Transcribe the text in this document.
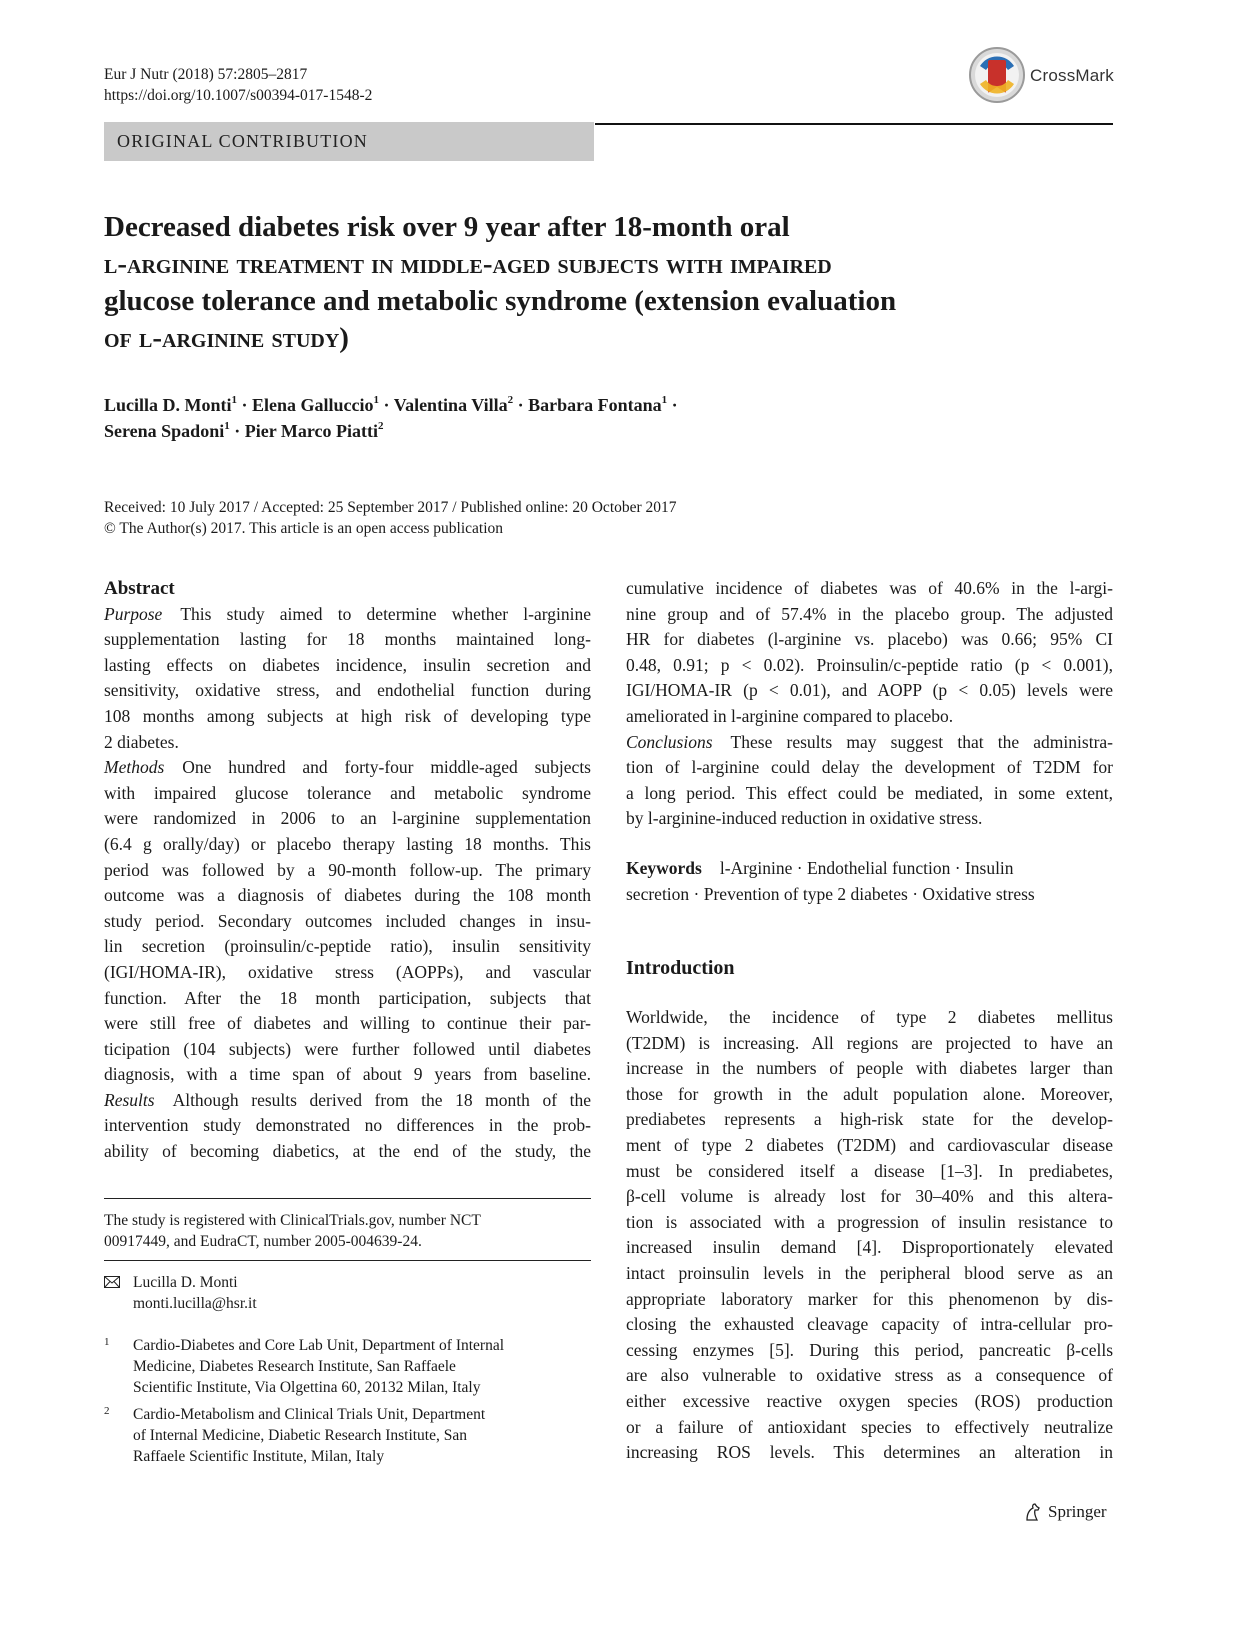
Eur J Nutr (2018) 57:2805–2817
https://doi.org/10.1007/s00394-017-1548-2
CrossMark
ORIGINAL CONTRIBUTION
Decreased diabetes risk over 9 year after 18-month oral
l-arginine treatment in middle-aged subjects with impaired
glucose tolerance and metabolic syndrome (extension evaluation
of l-arginine study)
Lucilla D. Monti$^1$ · Elena Galluccio$^1$ · Valentina Villa$^2$ · Barbara Fontana$^1$ ·
Serena Spadoni$^1$ · Pier Marco Piatti$^2$
Received: 10 July 2017 / Accepted: 25 September 2017 / Published online: 20 October 2017
© The Author(s) 2017. This article is an open access publication
Abstract
Purpose This study aimed to determine whether l-arginine
supplementation lasting for 18 months maintained long-
lasting effects on diabetes incidence, insulin secretion and
sensitivity, oxidative stress, and endothelial function during
108 months among subjects at high risk of developing type
2 diabetes.
Methods One hundred and forty-four middle-aged subjects
with impaired glucose tolerance and metabolic syndrome
were randomized in 2006 to an l-arginine supplementation
(6.4 g orally/day) or placebo therapy lasting 18 months. This
period was followed by a 90-month follow-up. The primary
outcome was a diagnosis of diabetes during the 108 month
study period. Secondary outcomes included changes in insu-
lin secretion (proinsulin/c-peptide ratio), insulin sensitivity
(IGI/HOMA-IR), oxidative stress (AOPPs), and vascular
function. After the 18 month participation, subjects that
were still free of diabetes and willing to continue their par-
ticipation (104 subjects) were further followed until diabetes
diagnosis, with a time span of about 9 years from baseline.
Results Although results derived from the 18 month of the
intervention study demonstrated no differences in the prob-
ability of becoming diabetics, at the end of the study, the
cumulative incidence of diabetes was of 40.6% in the l-argi-
nine group and of 57.4% in the placebo group. The adjusted
HR for diabetes (l-arginine vs. placebo) was 0.66; 95% CI
0.48, 0.91; p < 0.02). Proinsulin/c-peptide ratio (p < 0.001),
IGI/HOMA-IR (p < 0.01), and AOPP (p < 0.05) levels were
ameliorated in l-arginine compared to placebo.
Conclusions These results may suggest that the administra-
tion of l-arginine could delay the development of T2DM for
a long period. This effect could be mediated, in some extent,
by l-arginine-induced reduction in oxidative stress.
Keywords l-Arginine · Endothelial function · Insulin
secretion · Prevention of type 2 diabetes · Oxidative stress
Introduction
Worldwide, the incidence of type 2 diabetes mellitus
(T2DM) is increasing. All regions are projected to have an
increase in the numbers of people with diabetes larger than
those for growth in the adult population alone. Moreover,
prediabetes represents a high-risk state for the develop-
ment of type 2 diabetes (T2DM) and cardiovascular disease
must be considered itself a disease [1–3]. In prediabetes,
β-cell volume is already lost for 30–40% and this altera-
tion is associated with a progression of insulin resistance to
increased insulin demand [4]. Disproportionately elevated
intact proinsulin levels in the peripheral blood serve as an
appropriate laboratory marker for this phenomenon by dis-
closing the exhausted cleavage capacity of intra-cellular pro-
cessing enzymes [5]. During this period, pancreatic β-cells
are also vulnerable to oxidative stress as a consequence of
either excessive reactive oxygen species (ROS) production
or a failure of antioxidant species to effectively neutralize
increasing ROS levels. This determines an alteration in
The study is registered with ClinicalTrials.gov, number NCT
00917449, and EudraCT, number 2005-004639-24.
Lucilla D. Monti
monti.lucilla@hsr.it
1 Cardio-Diabetes and Core Lab Unit, Department of Internal
Medicine, Diabetes Research Institute, San Raffaele
Scientific Institute, Via Olgettina 60, 20132 Milan, Italy
2 Cardio-Metabolism and Clinical Trials Unit, Department
of Internal Medicine, Diabetic Research Institute, San
Raffaele Scientific Institute, Milan, Italy
Springer
